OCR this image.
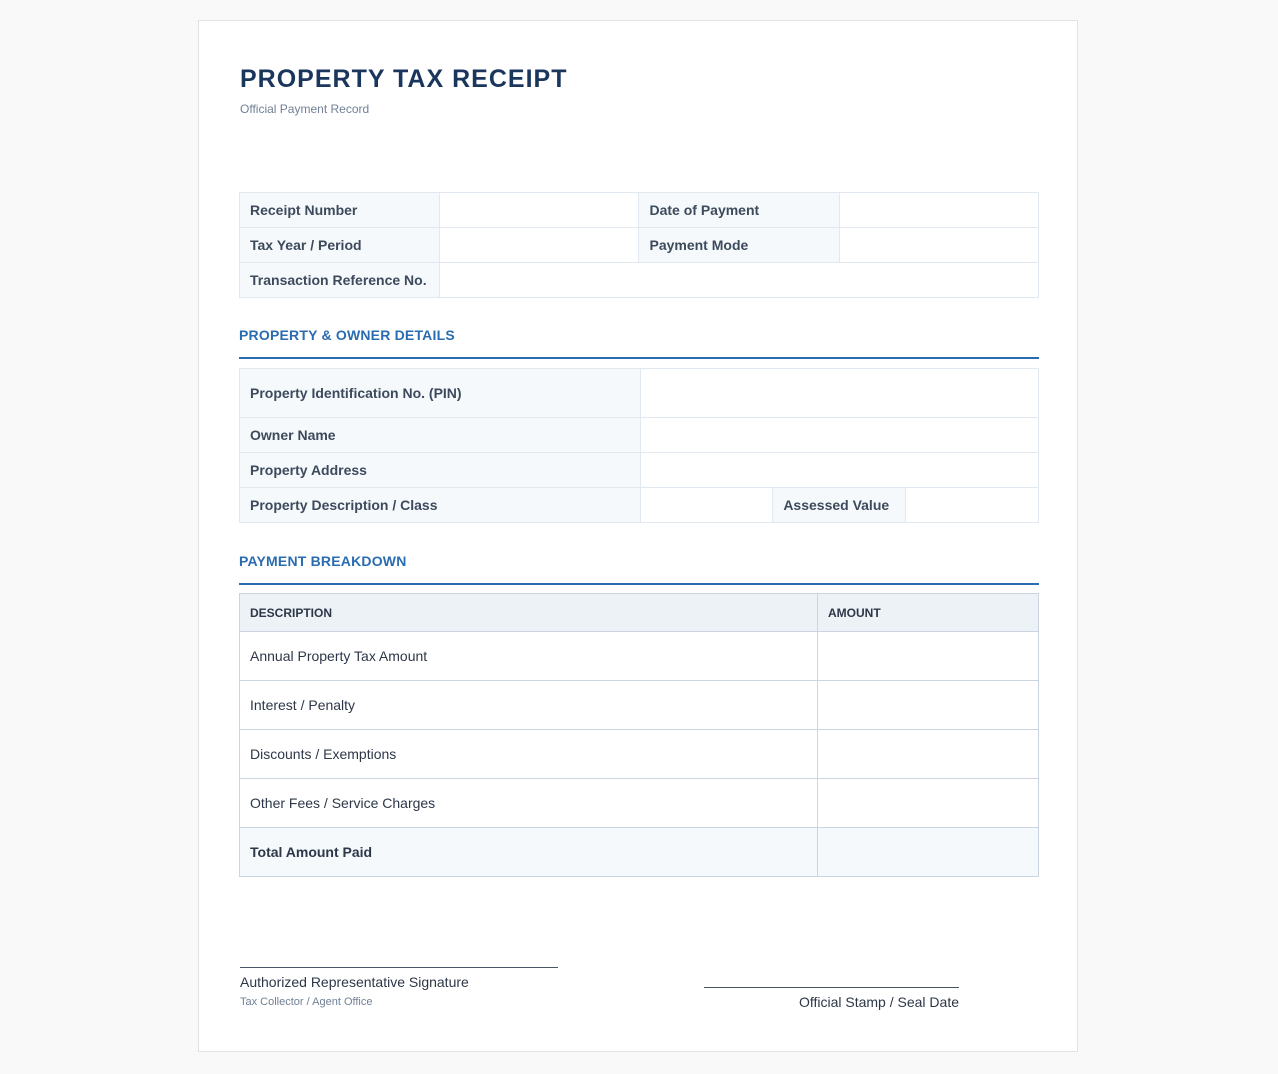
PROPERTY TAX RECEIPT
Official Payment Record
Receipt Number		Date of Payment	
Tax Year / Period		Payment Mode	
Transaction Reference No.			
PROPERTY & OWNER DETAILS
Property Identification No. (PIN)			
Owner Name			
Property Address			
Property Description / Class		Assessed Value	
PAYMENT BREAKDOWN
DESCRIPTION	AMOUNT
Annual Property Tax Amount	
Interest / Penalty	
Discounts / Exemptions	
Other Fees / Service Charges	
Total Amount Paid	
Authorized Representative Signature
Tax Collector / Agent Office	Official Stamp / Seal Date
